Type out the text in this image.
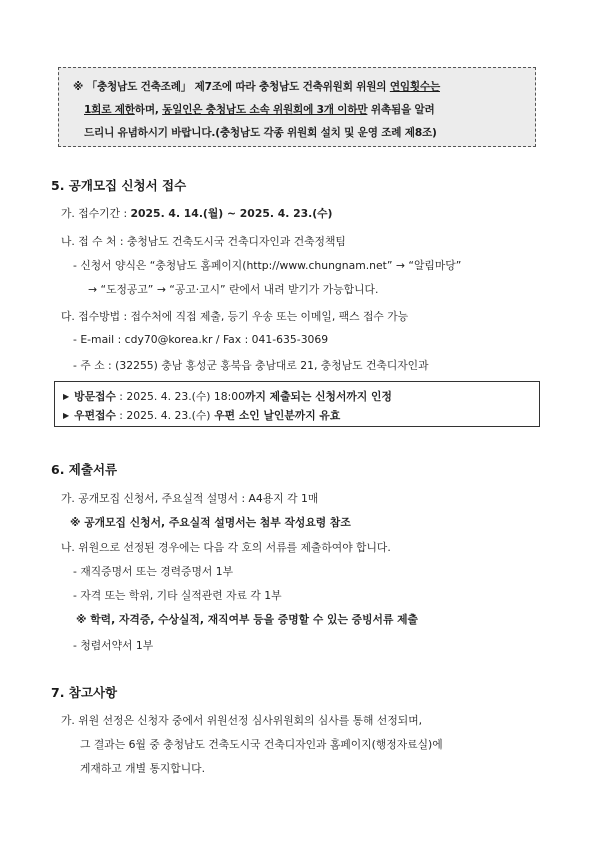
※ 「충청남도 건축조례」 제7조에 따라 충청남도 건축위원회 위원의 연임횟수는
1회로 제한하며, 동일인은 충청남도 소속 위원회에 3개 이하만 위촉됨을 알려
드리니 유념하시기 바랍니다.(충청남도 각종 위원회 설치 및 운영 조례 제8조)
5. 공개모집 신청서 접수
가. 접수기간 : 2025. 4. 14.(월) ~ 2025. 4. 23.(수)
나. 접 수 처 : 충청남도 건축도시국 건축디자인과 건축정책팀
- 신청서 양식은 “충청남도 홈페이지(http://www.chungnam.net” → “알림마당”
→ “도정공고” → “공고·고시” 란에서 내려 받기가 가능합니다.
다. 접수방법 : 접수처에 직접 제출, 등기 우송 또는 이메일, 팩스 접수 가능
- E-mail : cdy70@korea.kr / Fax : 041-635-3069
- 주 소 : (32255) 충남 홍성군 홍북읍 충남대로 21, 충청남도 건축디자인과
▶ 방문접수 : 2025. 4. 23.(수) 18:00까지 제출되는 신청서까지 인정
▶ 우편접수 : 2025. 4. 23.(수) 우편 소인 날인분까지 유효
6. 제출서류
가. 공개모집 신청서, 주요실적 설명서 : A4용지 각 1매
※ 공개모집 신청서, 주요실적 설명서는 첨부 작성요령 참조
나. 위원으로 선정된 경우에는 다음 각 호의 서류를 제출하여야 합니다.
- 재직증명서 또는 경력증명서 1부
- 자격 또는 학위, 기타 실적관련 자료 각 1부
※ 학력, 자격증, 수상실적, 재직여부 등을 증명할 수 있는 증빙서류 제출
- 청렴서약서 1부
7. 참고사항
가. 위원 선정은 신청자 중에서 위원선정 심사위원회의 심사를 통해 선정되며,
그 결과는 6월 중 충청남도 건축도시국 건축디자인과 홈페이지(행정자료실)에
게재하고 개별 통지합니다.
